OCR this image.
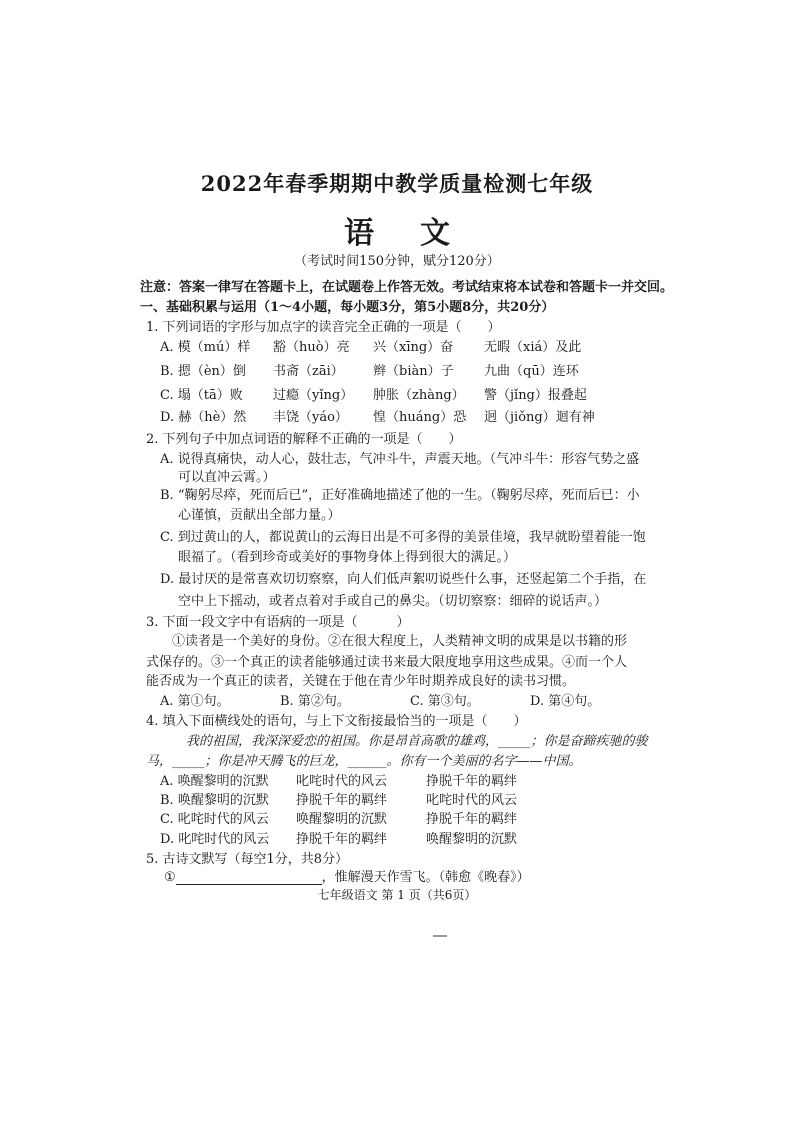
2022年春季期期中教学质量检测七年级
语文
（考试时间150分钟，赋分120分）
注意：答案一律写在答题卡上，在试题卷上作答无效。考试结束将本试卷和答题卡一并交回。
一、基础积累与运用（1～4小题，每小题3分，第5小题8分，共20分）
1. 下列词语的字形与加点字的读音完全正确的一项是（　　）
A. 模（mú）样 豁（huò）亮 兴（xīng）奋 无暇（xiá）及此
B. 摁（èn）倒 书斋（zāi） 辫（biàn）子 九曲（qū）连环
C. 塌（tā）败 过瘾（yǐng） 肿胀（zhàng） 警（jǐng）报叠起
D. 赫（hè）然 丰饶（yáo） 惶（huáng）恐 迥（jiǒng）迴有神
2. 下列句子中加点词语的解释不正确的一项是（　　）
A. 说得真痛快，动人心，鼓壮志，气冲斗牛，声震天地。（气冲斗牛：形容气势之盛
可以直冲云霄。）
B. “鞠躬尽瘁，死而后已”，正好准确地描述了他的一生。（鞠躬尽瘁，死而后已：小
心谨慎，贡献出全部力量。）
C. 到过黄山的人，都说黄山的云海日出是不可多得的美景佳境，我早就盼望着能一饱
眼福了。（看到珍奇或美好的事物身体上得到很大的满足。）
D. 最讨厌的是常喜欢切切察察，向人们低声絮叨说些什么事，还竖起第二个手指，在
空中上下摇动，或者点着对手或自己的鼻尖。（切切察察：细碎的说话声。）
3. 下面一段文字中有语病的一项是（　　　）
①读者是一个美好的身份。②在很大程度上，人类精神文明的成果是以书籍的形
式保存的。③一个真正的读者能够通过读书来最大限度地享用这些成果。④而一个人
能否成为一个真正的读者，关键在于他在青少年时期养成良好的读书习惯。
A. 第①句。	B. 第②句。	C. 第③句。	D. 第④句。
4. 填入下面横线处的语句，与上下文衔接最恰当的一项是（　　）
我的祖国，我深深爱恋的祖国。你是昂首高歌的雄鸡，_____；你是奋蹄疾驰的骏
马，_____；你是冲天腾飞的巨龙，______。你有一个美丽的名字——中国。
A. 唤醒黎明的沉默 叱咤时代的风云	挣脱千年的羁绊
B. 唤醒黎明的沉默 挣脱千年的羁绊	叱咤时代的风云
C. 叱咤时代的风云 唤醒黎明的沉默	挣脱千年的羁绊
D. 叱咤时代的风云 挣脱千年的羁绊	唤醒黎明的沉默
5. 古诗文默写（每空1分，共8分）
①	，惟解漫天作雪飞。（韩愈《晚春》）
七年级语文 第 1 页（共6页）
